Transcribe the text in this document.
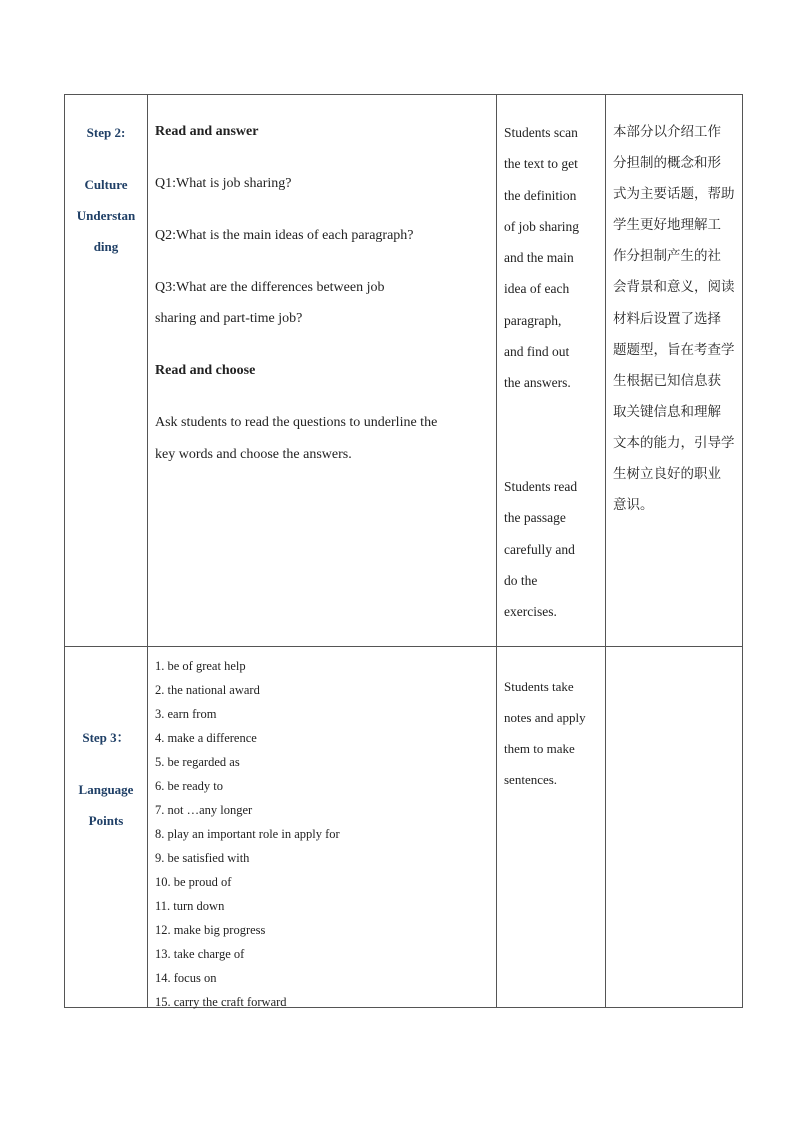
Step 2:
Culture
Understan
ding
Read and answer
Q1:What is job sharing?
Q2:What is the main ideas of each paragraph?
Q3:What are the differences between job
sharing and part-time job?
Read and choose
Ask students to read the questions to underline the
key words and choose the answers.
Students scan
the text to get
the definition
of job sharing
and the main
idea of each
paragraph,
and find out
the answers.
Students read
the passage
carefully and
do the
exercises.
本部分以介绍工作
分担制的概念和形
式为主要话题，帮助
学生更好地理解工
作分担制产生的社
会背景和意义，阅读
材料后设置了选择
题题型，旨在考查学
生根据已知信息获
取关键信息和理解
文本的能力，引导学
生树立良好的职业
意识。
Step 3：
Language
Points
1. be of great help
2. the national award
3. earn from
4. make a difference
5. be regarded as
6. be ready to
7. not …any longer
8. play an important role in apply for
9. be satisfied with
10. be proud of
11. turn down
12. make big progress
13. take charge of
14. focus on
15. carry the craft forward
Students take
notes and apply
them to make
sentences.
